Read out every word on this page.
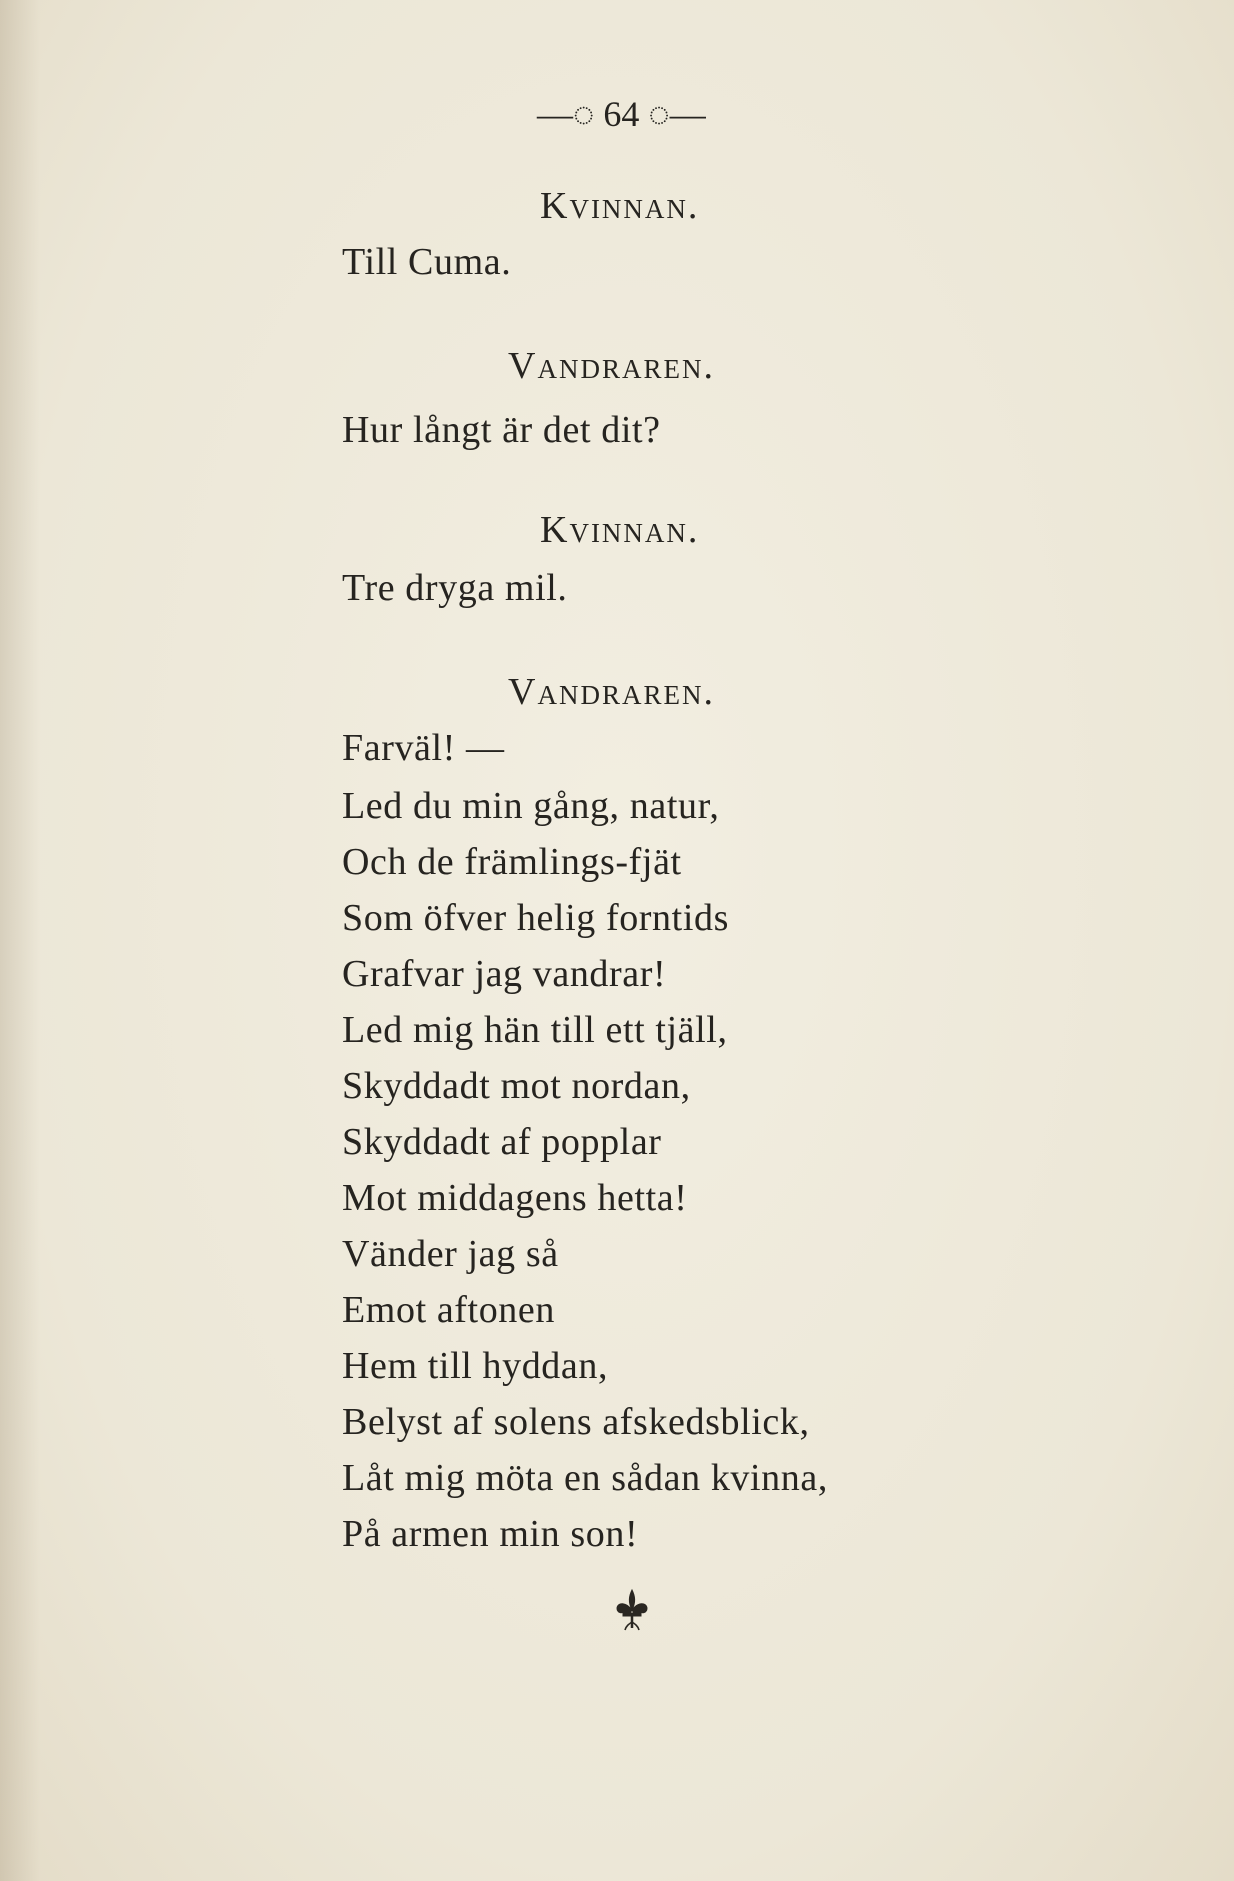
—◌ 64 ◌—
Kvinnan.
Till Cuma.
Vandraren.
Hur långt är det dit?
Kvinnan.
Tre dryga mil.
Vandraren.
Farväl! —
Led du min gång, natur,
Och de främlings-fjät
Som öfver helig forntids
Grafvar jag vandrar!
Led mig hän till ett tjäll,
Skyddadt mot nordan,
Skyddadt af popplar
Mot middagens hetta!
Vänder jag så
Emot aftonen
Hem till hyddan,
Belyst af solens afskedsblick,
Låt mig möta en sådan kvinna,
På armen min son!
